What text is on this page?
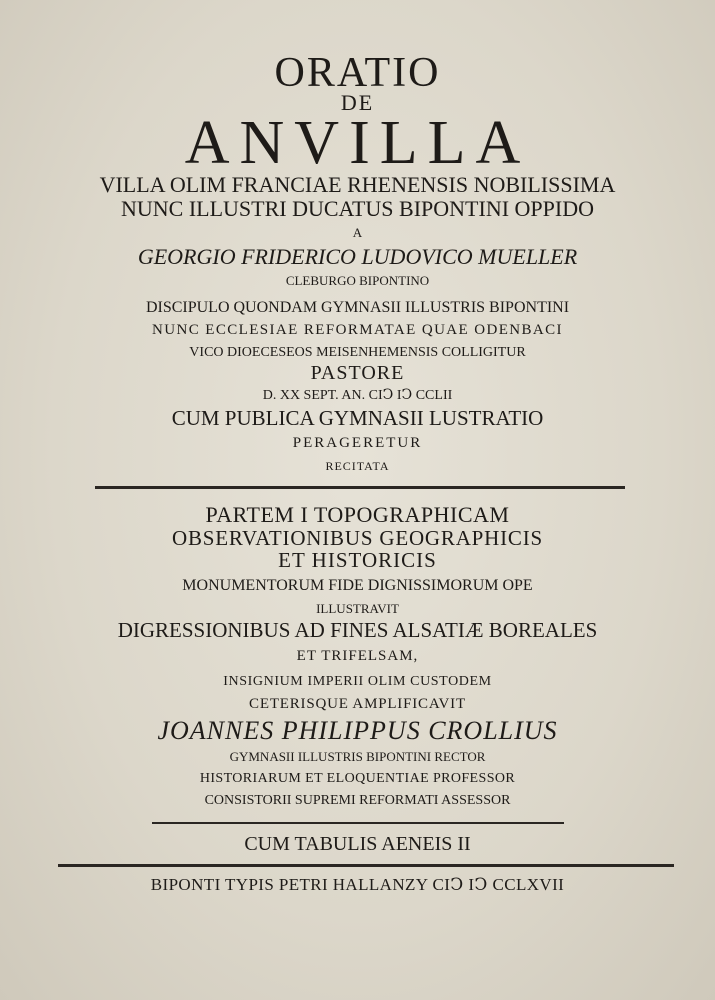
ORATIO
DE
ANVILLA
VILLA OLIM FRANCIAE RHENENSIS NOBILISSIMA
NUNC ILLUSTRI DUCATUS BIPONTINI OPPIDO
A
GEORGIO FRIDERICO LUDOVICO MUELLER
CLEBURGO BIPONTINO
DISCIPULO QUONDAM GYMNASII ILLUSTRIS BIPONTINI
NUNC ECCLESIAE REFORMATAE QUAE ODENBACI
VICO DIOECESEOS MEISENHEMENSIS COLLIGITUR
PASTORE
D. XX SEPT. AN. CIↃ IↃ CCLII
CUM PUBLICA GYMNASII LUSTRATIO
PERAGERETUR
RECITATA
PARTEM I TOPOGRAPHICAM
OBSERVATIONIBUS GEOGRAPHICIS
ET HISTORICIS
MONUMENTORUM FIDE DIGNISSIMORUM OPE
ILLUSTRAVIT
DIGRESSIONIBUS AD FINES ALSATIÆ BOREALES
ET TRIFELSAM,
INSIGNIUM IMPERII OLIM CUSTODEM
CETERISQUE AMPLIFICAVIT
JOANNES PHILIPPUS CROLLIUS
GYMNASII ILLUSTRIS BIPONTINI RECTOR
HISTORIARUM ET ELOQUENTIAE PROFESSOR
CONSISTORII SUPREMI REFORMATI ASSESSOR
CUM TABULIS AENEIS II
BIPONTI TYPIS PETRI HALLANZY CIↃ IↃ CCLXVII
